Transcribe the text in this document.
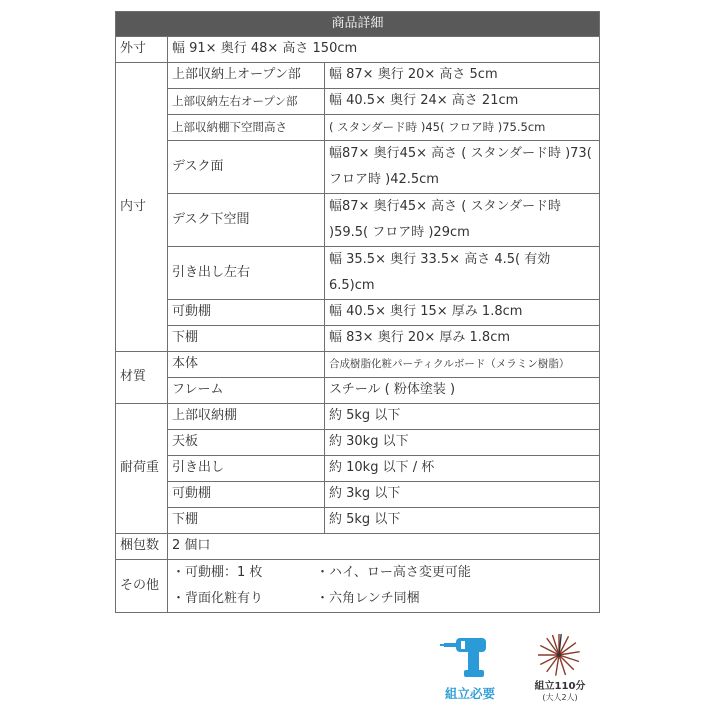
商品詳細		
外寸	幅 91× 奥行 48× 高さ 150cm	
内寸	上部収納上オープン部	幅 87× 奥行 20× 高さ 5cm
	上部収納左右オープン部	幅 40.5× 奥行 24× 高さ 21cm
	上部収納棚下空間高さ	( スタンダード時 )45( フロア時 )75.5cm
	デスク面	幅87× 奥行45× 高さ ( スタンダード時 )73( フロア時 )42.5cm
	デスク下空間	幅87× 奥行45× 高さ ( スタンダード時 )59.5( フロア時 )29cm
	引き出し左右	幅 35.5× 奥行 33.5× 高さ 4.5( 有効 6.5)cm
	可動棚	幅 40.5× 奥行 15× 厚み 1.8cm
	下棚	幅 83× 奥行 20× 厚み 1.8cm
材質	本体	合成樹脂化粧パーティクルボード（メラミン樹脂）
	フレーム	スチール ( 粉体塗装 )
耐荷重	上部収納棚	約 5kg 以下
	天板	約 30kg 以下
	引き出し	約 10kg 以下 / 杯
	可動棚	約 3kg 以下
	下棚	約 5kg 以下
梱包数	2 個口	
その他	・可動棚：1 枚 ・ハイ、ロー高さ変更可能
・背面化粧有り ・六角レンチ同梱	
組立必要	組立110分
(大人2人)
